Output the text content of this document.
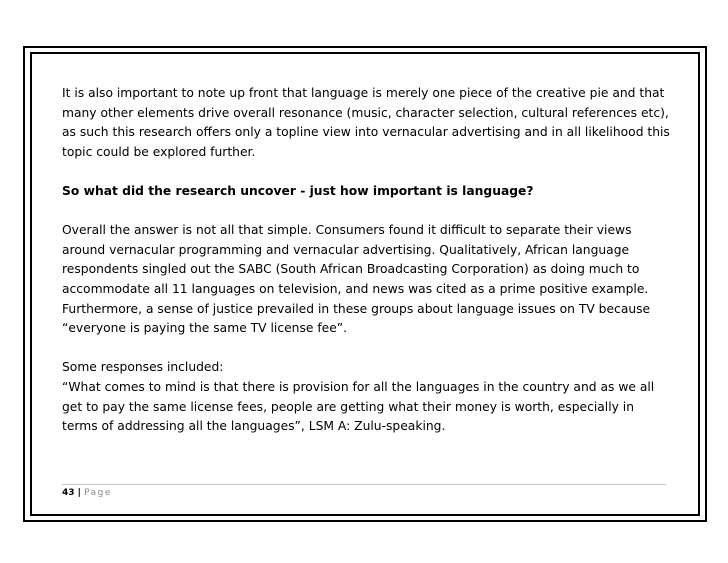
It is also important to note up front that language is merely one piece of the creative pie and that

many other elements drive overall resonance (music, character selection, cultural references etc),

as such this research offers only a topline view into vernacular advertising and in all likelihood this

topic could be explored further.

So what did the research uncover - just how important is language?

Overall the answer is not all that simple. Consumers found it difficult to separate their views

around vernacular programming and vernacular advertising. Qualitatively, African language

respondents singled out the SABC (South African Broadcasting Corporation) as doing much to

accommodate all 11 languages on television, and news was cited as a prime positive example.

Furthermore, a sense of justice prevailed in these groups about language issues on TV because

“everyone is paying the same TV license fee”.

Some responses included:

“What comes to mind is that there is provision for all the languages in the country and as we all

get to pay the same license fees, people are getting what their money is worth, especially in

terms of addressing all the languages”, LSM A: Zulu-speaking.

43 | Page
